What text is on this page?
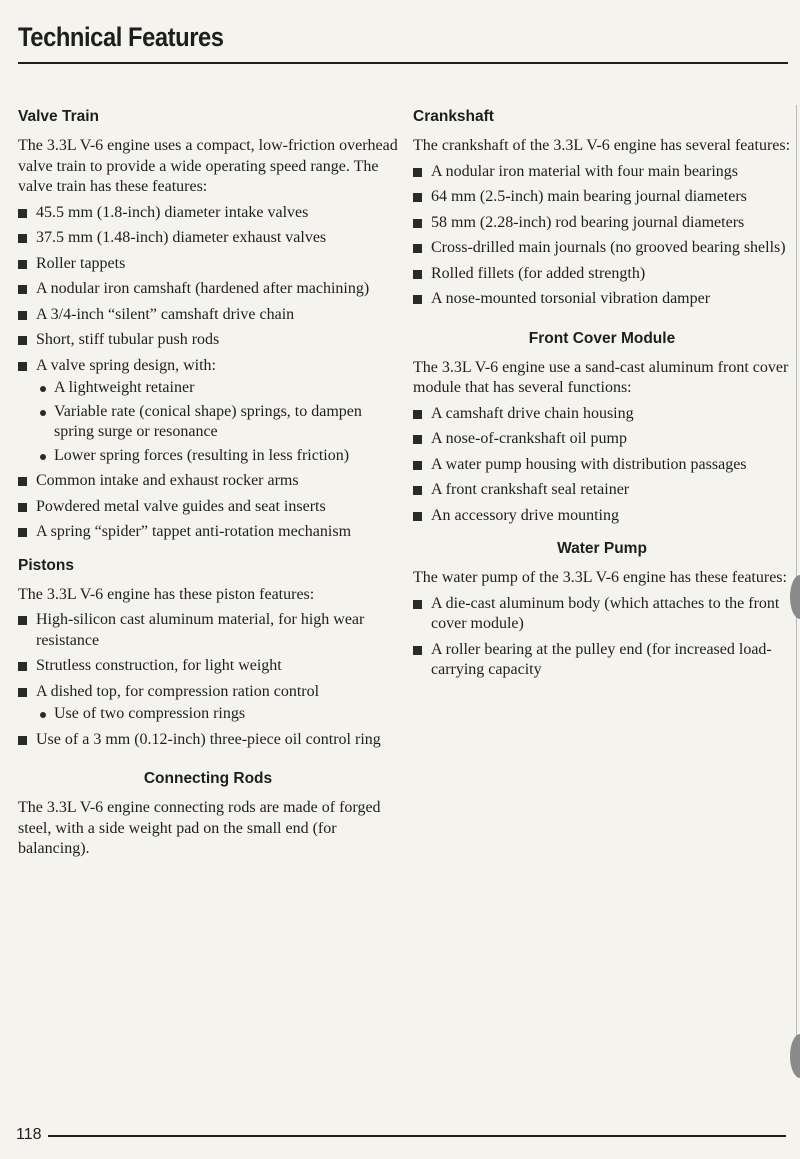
Technical Features
Valve Train

The 3.3L V-6 engine uses a compact, low-friction overhead valve train to provide a wide operating speed range. The valve train has these features:

45.5 mm (1.8-inch) diameter intake valves
37.5 mm (1.48-inch) diameter exhaust valves
Roller tappets
A nodular iron camshaft (hardened after machining)
A 3/4-inch “silent” camshaft drive chain
Short, stiff tubular push rods
A valve spring design, with:
A lightweight retainer
Variable rate (conical shape) springs, to dampen spring surge or resonance
Lower spring forces (resulting in less friction)
Common intake and exhaust rocker arms
Powdered metal valve guides and seat inserts
A spring “spider” tappet anti-rotation mechanism
Pistons

The 3.3L V-6 engine has these piston features:

High-silicon cast aluminum material, for high wear resistance
Strutless construction, for light weight
A dished top, for compression ration control
Use of two compression rings
Use of a 3 mm (0.12-inch) three-piece oil control ring
Connecting Rods

The 3.3L V-6 engine connecting rods are made of forged steel, with a side weight pad on the small end (for balancing).

Crankshaft

The crankshaft of the 3.3L V-6 engine has several features:

A nodular iron material with four main bearings
64 mm (2.5-inch) main bearing journal diameters
58 mm (2.28-inch) rod bearing journal diameters
Cross-drilled main journals (no grooved bearing shells)
Rolled fillets (for added strength)
A nose-mounted torsonial vibration damper
Front Cover Module

The 3.3L V-6 engine use a sand-cast aluminum front cover module that has several functions:

A camshaft drive chain housing
A nose-of-crankshaft oil pump
A water pump housing with distribution passages
A front crankshaft seal retainer
An accessory drive mounting
Water Pump

The water pump of the 3.3L V-6 engine has these features:

A die-cast aluminum body (which attaches to the front cover module)
A roller bearing at the pulley end (for increased load-carrying capacity
118
